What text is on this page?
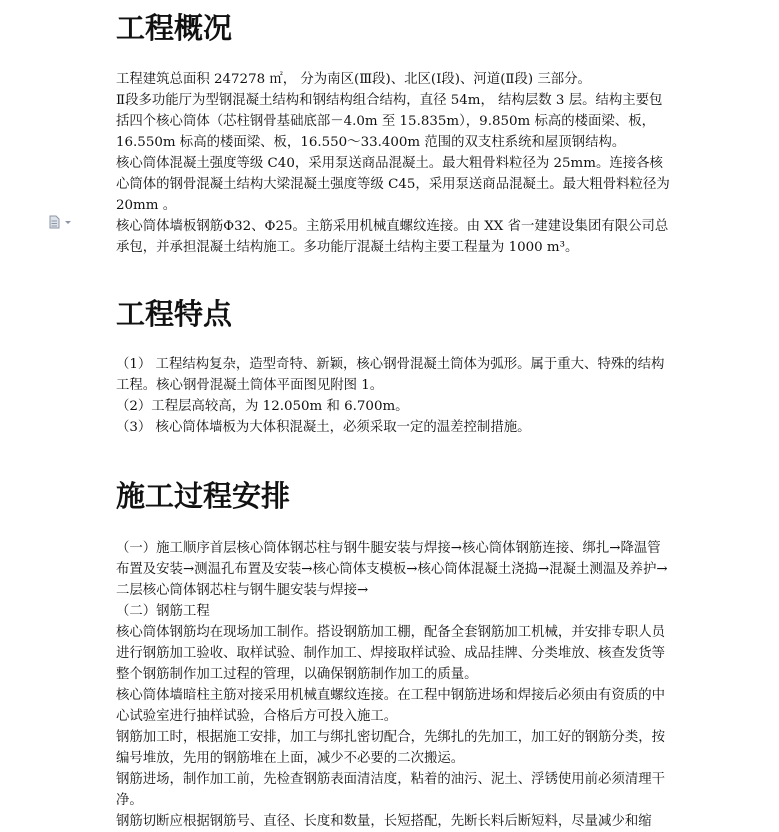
工程概况

工程建筑总面积 247278 ㎡， 分为南区(Ⅲ段)、北区(Ⅰ段)、河道(Ⅱ段) 三部分。

Ⅱ段多功能厅为型钢混凝土结构和钢结构组合结构，直径 54m， 结构层数 3 层。结构主要包括四个核心筒体（芯柱钢骨基础底部－4.0m 至 15.835m），9.850m 标高的楼面梁、板，16.550m 标高的楼面梁、板，16.550～33.400m 范围的双支柱系统和屋顶钢结构。

核心筒体混凝土强度等级 C40，采用泵送商品混凝土。最大粗骨料粒径为 25mm。连接各核心筒体的钢骨混凝土结构大梁混凝土强度等级 C45，采用泵送商品混凝土。最大粗骨料粒径为 20mm 。

核心筒体墙板钢筋Φ32、Φ25。主筋采用机械直螺纹连接。由 XX 省一建建设集团有限公司总承包，并承担混凝土结构施工。多功能厅混凝土结构主要工程量为 1000 m³。

工程特点

（1） 工程结构复杂，造型奇特、新颖，核心钢骨混凝土筒体为弧形。属于重大、特殊的结构工程。核心钢骨混凝土筒体平面图见附图 1。

（2）工程层高较高，为 12.050m 和 6.700m。

（3） 核心筒体墙板为大体积混凝土，必须采取一定的温差控制措施。

施工过程安排

（一）施工顺序首层核心筒体钢芯柱与钢牛腿安装与焊接→核心筒体钢筋连接、绑扎→降温管布置及安装→测温孔布置及安装→核心筒体支模板→核心筒体混凝土浇捣→混凝土测温及养护→二层核心筒体钢芯柱与钢牛腿安装与焊接→

（二）钢筋工程

核心筒体钢筋均在现场加工制作。搭设钢筋加工棚，配备全套钢筋加工机械，并安排专职人员进行钢筋加工验收、取样试验、制作加工、焊接取样试验、成品挂牌、分类堆放、核查发货等整个钢筋制作加工过程的管理，以确保钢筋制作加工的质量。

核心筒体墙暗柱主筋对接采用机械直螺纹连接。在工程中钢筋进场和焊接后必须由有资质的中心试验室进行抽样试验，合格后方可投入施工。

钢筋加工时，根据施工安排，加工与绑扎密切配合，先绑扎的先加工，加工好的钢筋分类，按编号堆放，先用的钢筋堆在上面，减少不必要的二次搬运。

钢筋进场，制作加工前，先检查钢筋表面清洁度，粘着的油污、泥土、浮锈使用前必须清理干净。

钢筋切断应根据钢筋号、直径、长度和数量，长短搭配，先断长料后断短料，尽量减少和缩
